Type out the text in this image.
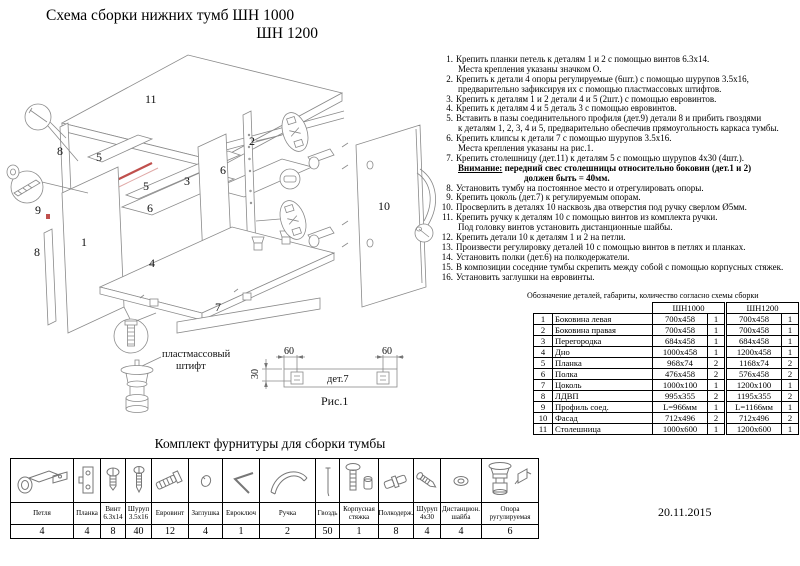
Схема сборки нижних тумб ШН 1000
ШН 1200
11
8	5
3
5
2
6
6
9
1
8
4
10
7
пластмассовый
штифт
дет.7
Рис.1
60	60
30
1. Крепить планки петель к деталям 1 и 2 с помощью винтов 6.3х14.
Места крепления указаны значком О.
2. Крепить к детали 4 опоры регулируемые (6шт.) с помощью шурупов 3.5х16,
предварительно зафиксируя их с помощью пластмассовых штифтов.
3. Крепить к деталям 1 и 2 детали 4 и 5 (2шт.) с помощью евровинтов.
4. Крепить к деталям 4 и 5 деталь 3 с помощью евровинтов.
5. Вставить в пазы соединительного профиля (дет.9) детали 8 и прибить гвоздями
к деталям 1, 2, 3, 4 и 5, предварительно обеспечив прямоугольность каркаса тумбы.
6. Крепить клипсы к детали 7 с помощью шурупов 3.5х16.
Места крепления указаны на рис.1.
7. Крепить столешницу (дет.11) к деталям 5 с помощью шурупов 4х30 (4шт.).
Внимание: передний свес столешницы относительно боковин (дет.1 и 2)
должен быть = 40мм.
8. Установить тумбу на постоянное место и отрегулировать опоры.
9. Крепить цоколь (дет.7) к регулируемым опорам.
10. Просверлить в деталях 10 насквозь два отверстия под ручку сверлом Ø5мм.
11. Крепить ручку к деталям 10 с помощью винтов из комплекта ручки.
Под головку винтов установить дистанционные шайбы.
12. Крепить детали 10 к деталям 1 и 2 на петли.
13. Произвести регулировку деталей 10 с помощью винтов в петлях и планках.
14. Установить полки (дет.6) на полкодержатели.
15. В композиции соседние тумбы скрепить между собой с помощью корпусных стяжек.
16. Установить заглушки на евровинты.
Обозначение деталей, габариты, количество согласно схемы сборки
		ШН1000		ШН1200	
1	Боковина левая	700х458	1	700х458	1
2	Боковина правая	700х458	1	700х458	1
3	Перегородка	684х458	1	684х458	1
4	Дно	1000х458	1	1200х458	1
5	Планка	968х74	2	1168х74	2
6	Полка	476х458	2	576х458	2
7	Цоколь	1000х100	1	1200х100	1
8	ЛДВП	995х355	2	1195х355	2
9	Профиль соед.	L=966мм	1	L=1166мм	1
10	Фасад	712х496	2	712х496	2
11	Столешница	1000х600	1	1200х600	1
Комплект фурнитуры для сборки тумбы
Петля
4
Планка
4
Винт 6.3х14
8
Шуруп 3.5х16
40
Евровинт
12
Заглушка
4
Евроключ
1
Ручка
2
Гвоздь
50
Корпусная стяжка
1
Полкодерж.
8
Шуруп 4х30
4
Дистанцион. шайба
4
Опора ругулируемая
6
20.11.2015
